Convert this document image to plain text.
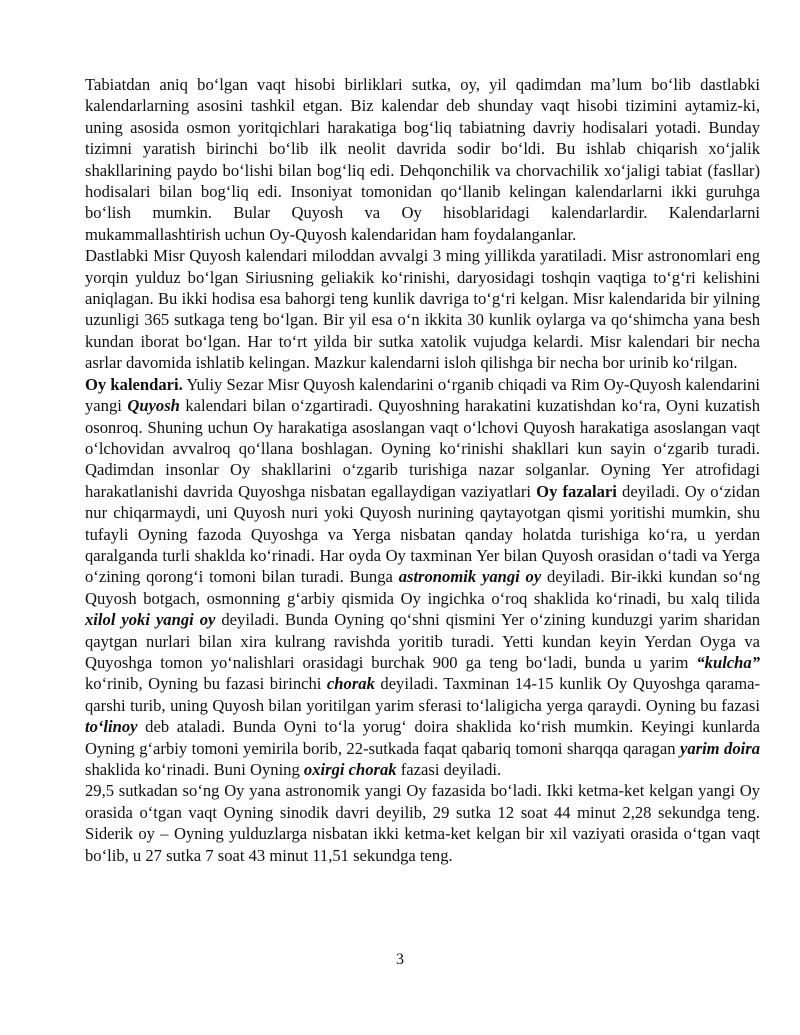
Tabiatdan aniq boʻlgan vaqt hisobi birliklari sutka, oy, yil qadimdan maʼlum boʻlib dastlabki kalendarlarning asosini tashkil etgan. Biz kalendar deb shunday vaqt hisobi tizimini aytamiz-ki, uning asosida osmon yoritqichlari harakatiga bogʻliq tabiatning davriy hodisalari yotadi. Bunday tizimni yaratish birinchi boʻlib ilk neolit davrida sodir boʻldi. Bu ishlab chiqarish xoʻjalik shakllarining paydo boʻlishi bilan bogʻliq edi. Dehqonchilik va chorvachilik xoʻjaligi tabiat (fasllar) hodisalari bilan bogʻliq edi. Insoniyat tomonidan qoʻllanib kelingan kalendarlarni ikki guruhga boʻlish mumkin. Bular Quyosh va Oy hisoblaridagi kalendarlardir. Kalendarlarni mukammallashtirish uchun Oy-Quyosh kalendaridan ham foydalanganlar.

Dastlabki Misr Quyosh kalendari miloddan avvalgi 3 ming yillikda yaratiladi. Misr astronomlari eng yorqin yulduz boʻlgan Siriusning geliakik koʻrinishi, daryosidagi toshqin vaqtiga toʻgʻri kelishini aniqlagan. Bu ikki hodisa esa bahorgi teng kunlik davriga toʻgʻri kelgan. Misr kalendarida bir yilning uzunligi 365 sutkaga teng boʻlgan. Bir yil esa oʻn ikkita 30 kunlik oylarga va qoʻshimcha yana besh kundan iborat boʻlgan. Har toʻrt yilda bir sutka xatolik vujudga kelardi. Misr kalendari bir necha asrlar davomida ishlatib kelingan. Mazkur kalendarni isloh qilishga bir necha bor urinib koʻrilgan.

Oy kalendari. Yuliy Sezar Misr Quyosh kalendarini oʻrganib chiqadi va Rim Oy-Quyosh kalendarini yangi Quyosh kalendari bilan oʻzgartiradi. Quyoshning harakatini kuzatishdan koʻra, Oyni kuzatish osonroq. Shuning uchun Oy harakatiga asoslangan vaqt oʻlchovi Quyosh harakatiga asoslangan vaqt oʻlchovidan avvalroq qoʻllana boshlagan. Oyning koʻrinishi shakllari kun sayin oʻzgarib turadi. Qadimdan insonlar Oy shakllarini oʻzgarib turishiga nazar solganlar. Oyning Yer atrofidagi harakatlanishi davrida Quyoshga nisbatan egallaydigan vaziyatlari Oy fazalari deyiladi. Oy oʻzidan nur chiqarmaydi, uni Quyosh nuri yoki Quyosh nurining qaytayotgan qismi yoritishi mumkin, shu tufayli Oyning fazoda Quyoshga va Yerga nisbatan qanday holatda turishiga koʻra, u yerdan qaralganda turli shaklda koʻrinadi. Har oyda Oy taxminan Yer bilan Quyosh orasidan oʻtadi va Yerga oʻzining qorongʻi tomoni bilan turadi. Bunga astronomik yangi oy deyiladi. Bir-ikki kundan soʻng Quyosh botgach, osmonning gʻarbiy qismida Oy ingichka oʻroq shaklida koʻrinadi, bu xalq tilida xilol yoki yangi oy deyiladi. Bunda Oyning qoʻshni qismini Yer oʻzining kunduzgi yarim sharidan qaytgan nurlari bilan xira kulrang ravishda yoritib turadi. Yetti kundan keyin Yerdan Oyga va Quyoshga tomon yoʻnalishlari orasidagi burchak 900 ga teng boʻladi, bunda u yarim “kulcha” koʻrinib, Oyning bu fazasi birinchi chorak deyiladi. Taxminan 14-15 kunlik Oy Quyoshga qarama-qarshi turib, uning Quyosh bilan yoritilgan yarim sferasi toʻlaligicha yerga qaraydi. Oyning bu fazasi toʻlinoy deb ataladi. Bunda Oyni toʻla yorugʻ doira shaklida koʻrish mumkin. Keyingi kunlarda Oyning gʻarbiy tomoni yemirila borib, 22-sutkada faqat qabariq tomoni sharqqa qaragan yarim doira shaklida koʻrinadi. Buni Oyning oxirgi chorak fazasi deyiladi.

29,5 sutkadan soʻng Oy yana astronomik yangi Oy fazasida boʻladi. Ikki ketma-ket kelgan yangi Oy orasida oʻtgan vaqt Oyning sinodik davri deyilib, 29 sutka 12 soat 44 minut 2,28 sekundga teng. Siderik oy – Oyning yulduzlarga nisbatan ikki ketma-ket kelgan bir xil vaziyati orasida oʻtgan vaqt boʻlib, u 27 sutka 7 soat 43 minut 11,51 sekundga teng.

3
